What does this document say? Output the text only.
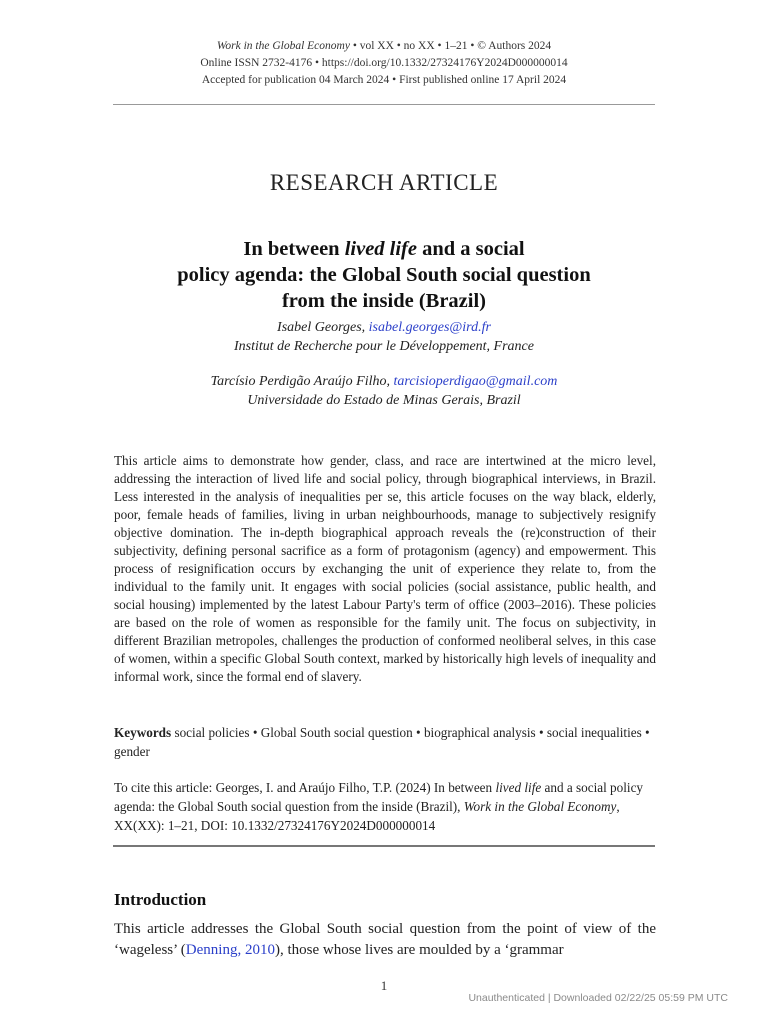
Work in the Global Economy • vol XX • no XX • 1–21 • © Authors 2024
Online ISSN 2732-4176 • https://doi.org/10.1332/27324176Y2024D000000014
Accepted for publication 04 March 2024 • First published online 17 April 2024
RESEARCH ARTICLE
In between lived life and a social
policy agenda: the Global South social question
from the inside (Brazil)
Isabel Georges, isabel.georges@ird.fr
Institut de Recherche pour le Développement, France
Tarcísio Perdigão Araújo Filho, tarcisioperdigao@gmail.com
Universidade do Estado de Minas Gerais, Brazil
This article aims to demonstrate how gender, class, and race are intertwined at the micro level, addressing the interaction of lived life and social policy, through biographical interviews, in Brazil. Less interested in the analysis of inequalities per se, this article focuses on the way black, elderly, poor, female heads of families, living in urban neighbourhoods, manage to subjectively resignify objective domination. The in-depth biographical approach reveals the (re)construction of their subjectivity, defining personal sacrifice as a form of protagonism (agency) and empowerment. This process of resignification occurs by exchanging the unit of experience they relate to, from the individual to the family unit. It engages with social policies (social assistance, public health, and social housing) implemented by the latest Labour Party's term of office (2003–2016). These policies are based on the role of women as responsible for the family unit. The focus on subjectivity, in different Brazilian metropoles, challenges the production of conformed neoliberal selves, in this case of women, within a specific Global South context, marked by historically high levels of inequality and informal work, since the formal end of slavery.
Keywords social policies • Global South social question • biographical analysis • social inequalities • gender
To cite this article: Georges, I. and Araújo Filho, T.P. (2024) In between lived life and a social policy agenda: the Global South social question from the inside (Brazil), Work in the Global Economy, XX(XX): 1–21, DOI: 10.1332/27324176Y2024D000000014
Introduction
This article addresses the Global South social question from the point of view of the ‘wageless’ (Denning, 2010), those whose lives are moulded by a ‘grammar
1
Unauthenticated | Downloaded 02/22/25 05:59 PM UTC
